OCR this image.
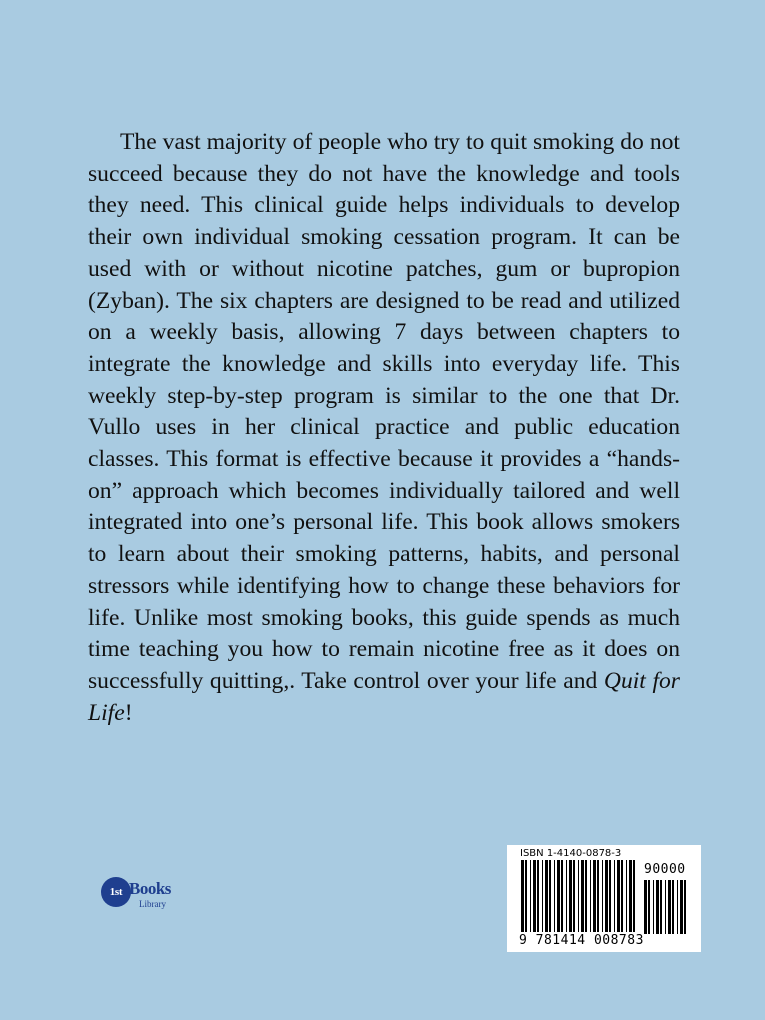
The vast majority of people who try to quit smoking do not succeed because they do not have the knowledge and tools they need. This clinical guide helps individuals to develop their own individual smoking cessation program. It can be used with or without nicotine patches, gum or bupropion (Zyban). The six chapters are designed to be read and utilized on a weekly basis, allowing 7 days between chapters to integrate the knowledge and skills into everyday life. This weekly step-by-step program is similar to the one that Dr. Vullo uses in her clinical practice and public education classes. This format is effective because it provides a “hands-on” approach which becomes individually tailored and well integrated into one’s personal life. This book allows smokers to learn about their smoking patterns, habits, and personal stressors while identifying how to change these behaviors for life. Unlike most smoking books, this guide spends as much time teaching you how to remain nicotine free as it does on successfully quitting,. Take control over your life and Quit for Life!

1st Books
Library
ISBN 1-4140-0878-3
90000
9 781414 008783
